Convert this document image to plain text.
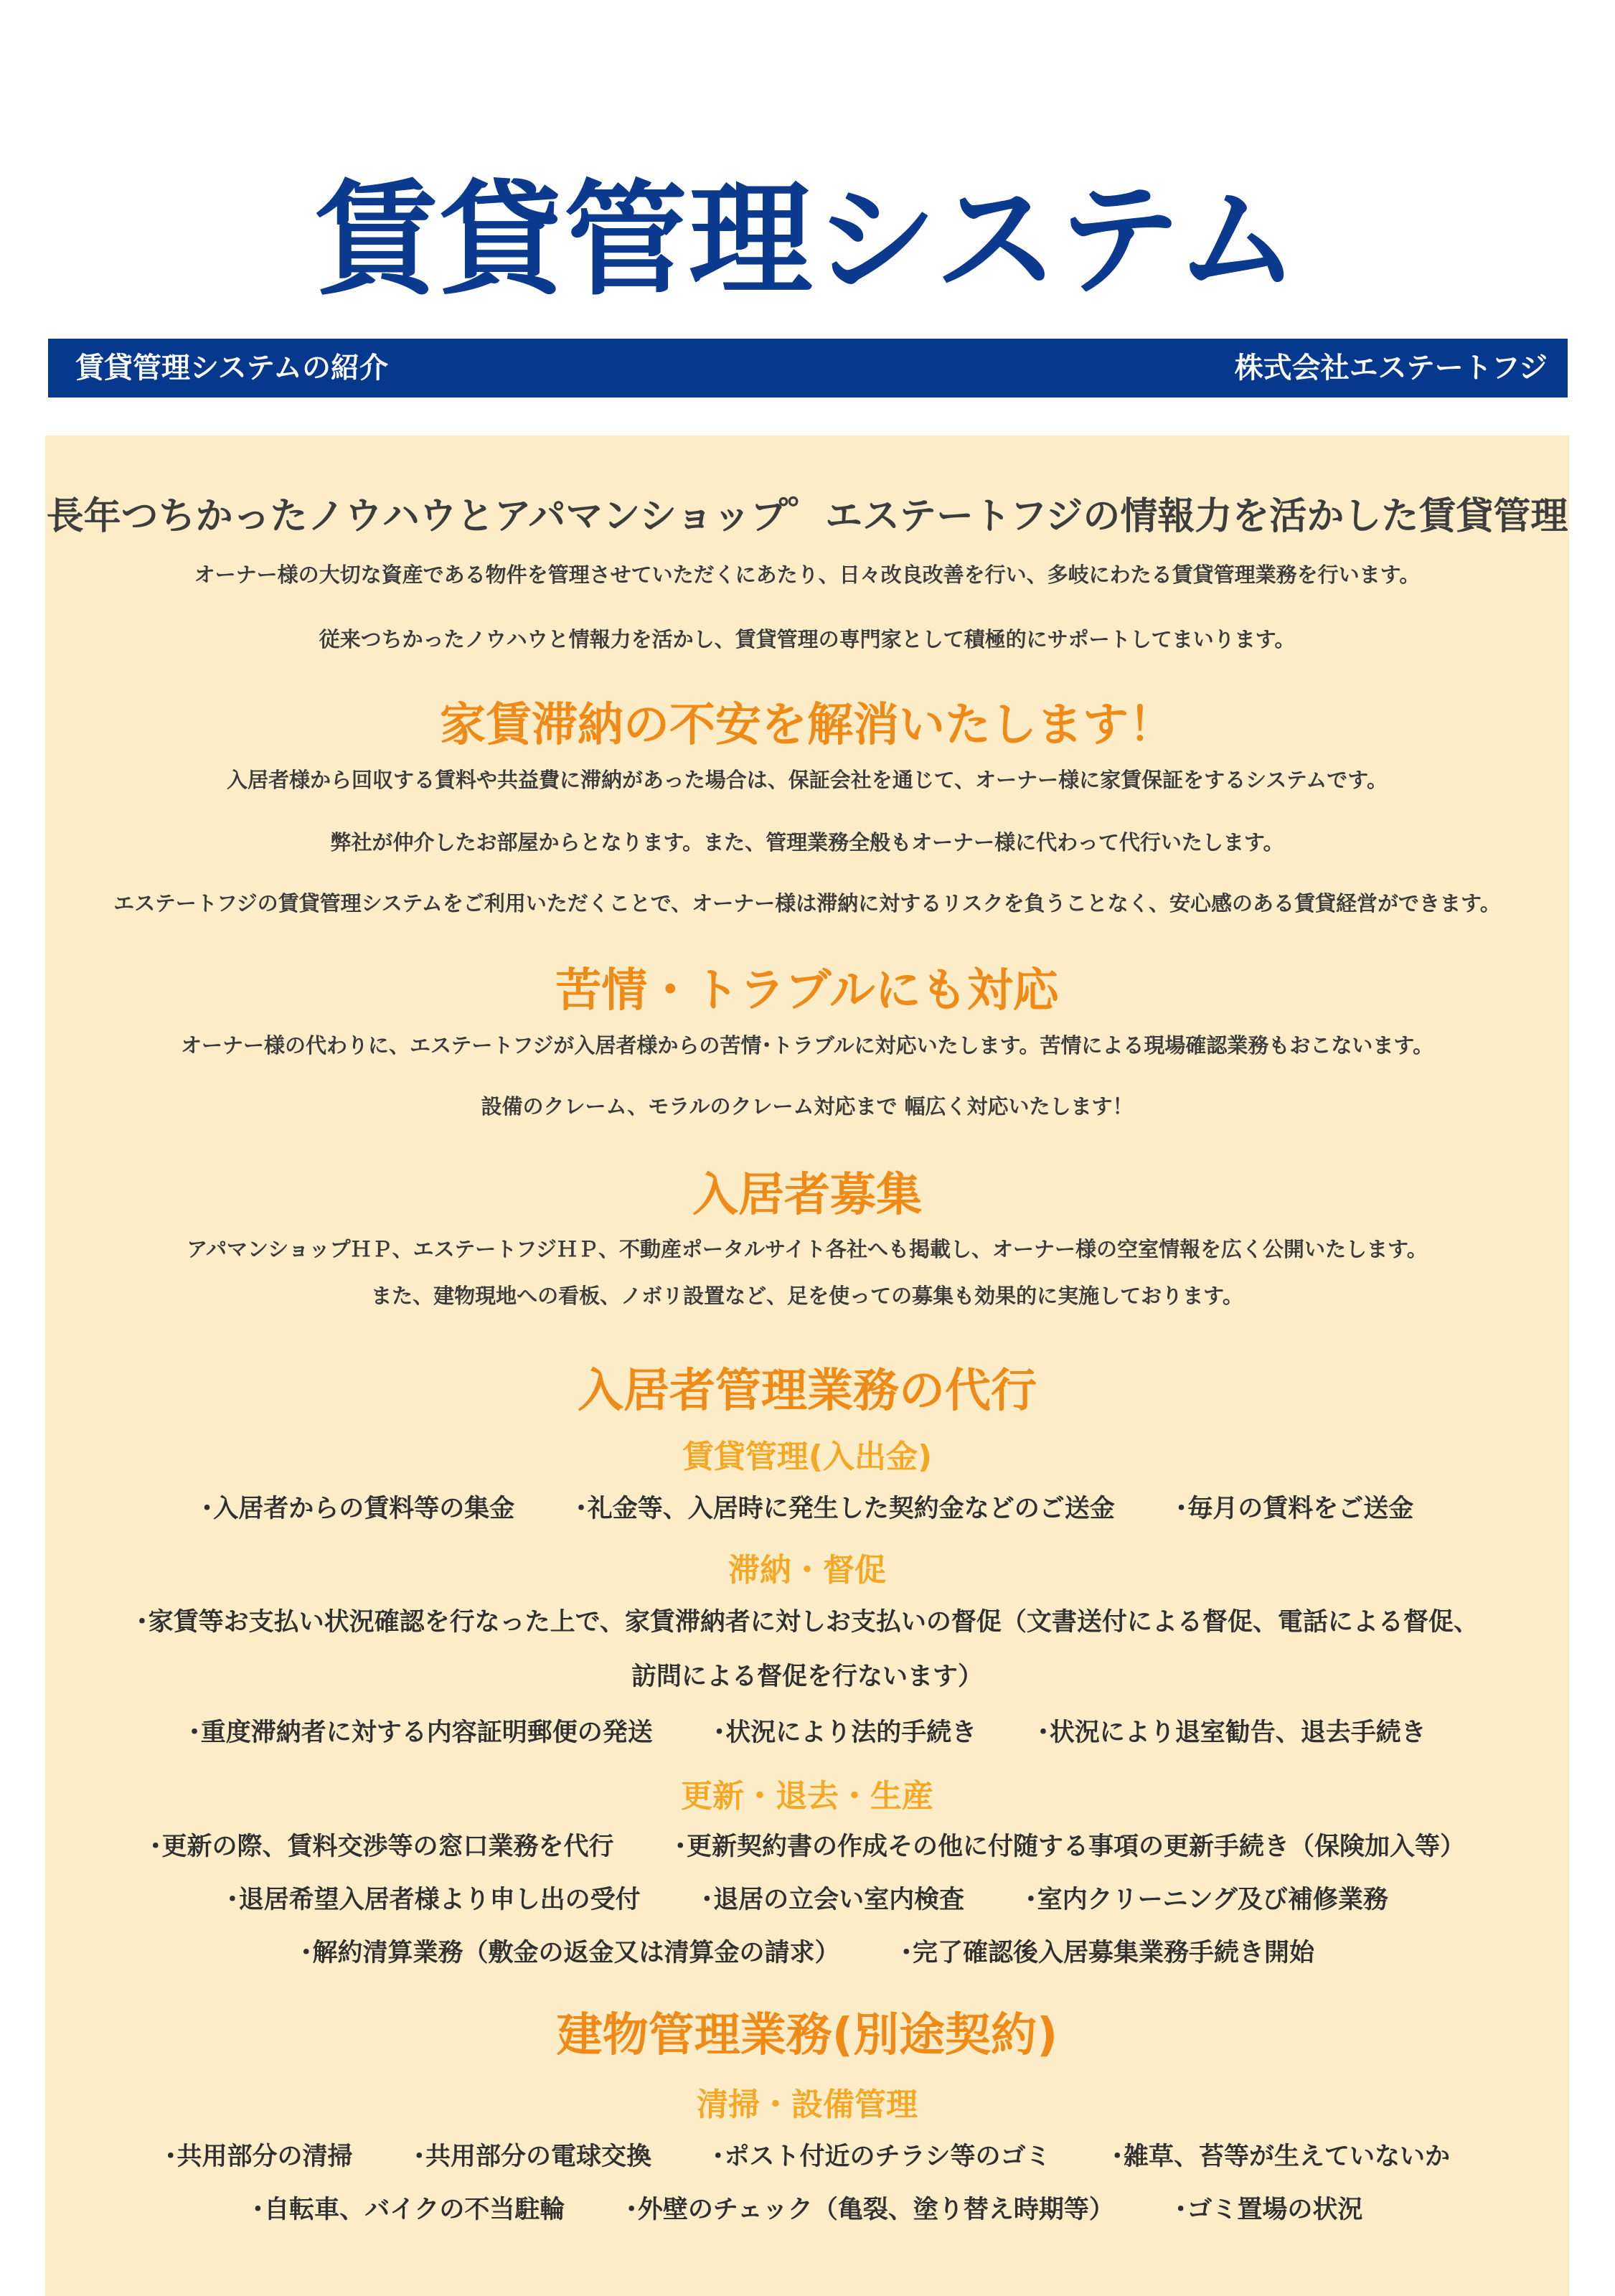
賃貸管理システム
賃貸管理システムの紹介	株式会社エステートフジ
長年つちかったノウハウとアパマンショップ゜エステートフジの情報力を活かした賃貸管理
オーナー様の大切な資産である物件を管理させていただくにあたり、日々改良改善を行い、多岐にわたる賃貸管理業務を行います。
従来つちかったノウハウと情報力を活かし、賃貸管理の専門家として積極的にサポートしてまいります。
家賃滞納の不安を解消いたします！
入居者様から回収する賃料や共益費に滞納があった場合は、保証会社を通じて、オーナー様に家賃保証をするシステムです。
弊社が仲介したお部屋からとなります。また、管理業務全般もオーナー様に代わって代行いたします。
エステートフジの賃貸管理システムをご利用いただくことで、オーナー様は滞納に対するリスクを負うことなく、安心感のある賃貸経営ができます。
苦情・トラブルにも対応
オーナー様の代わりに、エステートフジが入居者様からの苦情･トラブルに対応いたします。苦情による現場確認業務もおこないます。
設備のクレーム、モラルのクレーム対応まで 幅広く対応いたします！
入居者募集
アパマンショップＨＰ、エステートフジＨＰ、不動産ポータルサイト各社へも掲載し、オーナー様の空室情報を広く公開いたします。
また、建物現地への看板、ノボリ設置など、足を使っての募集も効果的に実施しております。
入居者管理業務の代行
賃貸管理(入出金)
･入居者からの賃料等の集金 ･礼金等、入居時に発生した契約金などのご送金 ･毎月の賃料をご送金
滞納・督促
･家賃等お支払い状況確認を行なった上で、家賃滞納者に対しお支払いの督促（文書送付による督促、電話による督促、
訪問による督促を行ないます）
･重度滞納者に対する内容証明郵便の発送 ･状況により法的手続き ･状況により退室勧告、退去手続き
更新・退去・生産
･更新の際、賃料交渉等の窓口業務を代行 ･更新契約書の作成その他に付随する事項の更新手続き（保険加入等）
･退居希望入居者様より申し出の受付 ･退居の立会い室内検査 ･室内クリーニング及び補修業務
･解約清算業務（敷金の返金又は清算金の請求） ･完了確認後入居募集業務手続き開始
建物管理業務(別途契約)
清掃・設備管理
･共用部分の清掃 ･共用部分の電球交換 ･ポスト付近のチラシ等のゴミ ･雑草、苔等が生えていないか
･自転車、バイクの不当駐輪 ･外壁のチェック（亀裂、塗り替え時期等） ･ゴミ置場の状況
